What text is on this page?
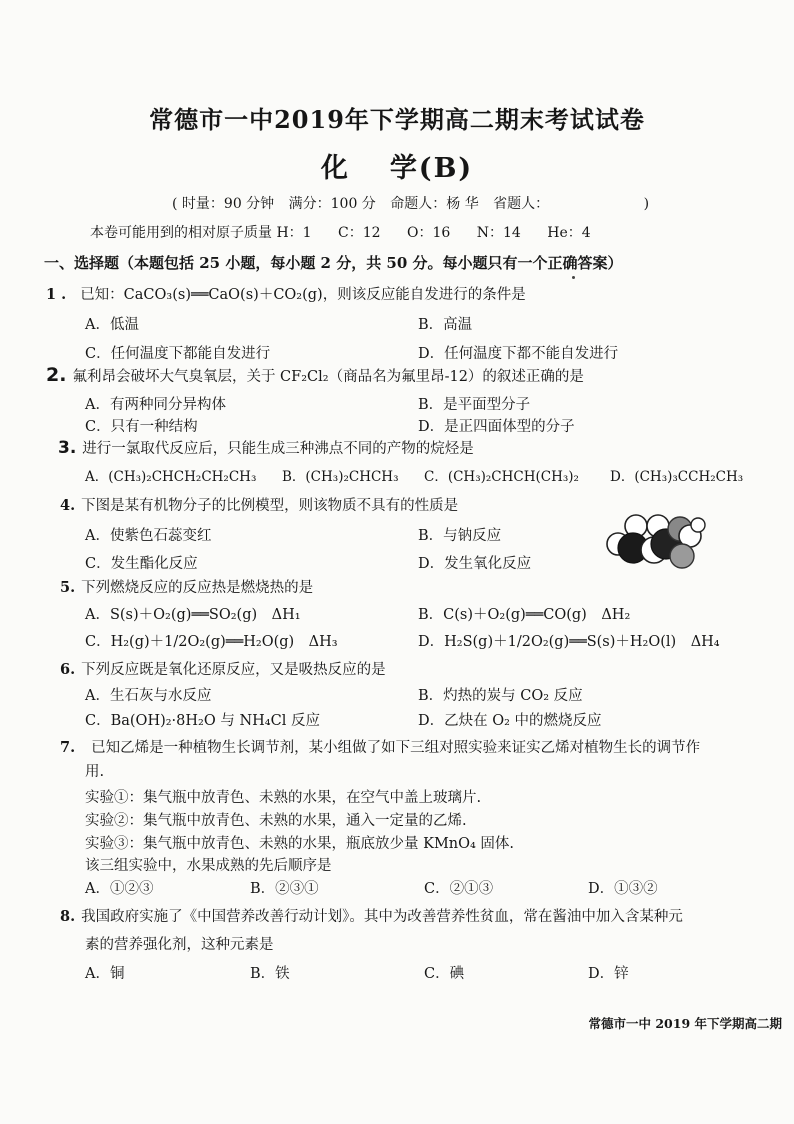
常德市一中2019年下学期高二期末考试试卷
化 学(B)
( 时量：90 分钟 满分：100 分 命题人：杨 华 省题人：	)
本卷可能用到的相对原子质量 H：1 C：12 O：16 N：14 He：4
一、选择题（本题包括 25 小题，每小题 2 分，共 50 分。每小题只有一个正确答案）
1 . 已知：CaCO₃(s)══CaO(s)＋CO₂(g)，则该反应能自发进行的条件是
A．低温	B．高温
C．任何温度下都能自发进行	D．任何温度下都不能自发进行
2. 氟利昂会破坏大气臭氧层，关于 CF₂Cl₂（商品名为氟里昂-12）的叙述正确的是
A．有两种同分异构体	B．是平面型分子
C．只有一种结构	D．是正四面体型的分子
3. 进行一氯取代反应后，只能生成三种沸点不同的产物的烷烃是
A．(CH₃)₂CHCH₂CH₂CH₃ B．(CH₃)₂CHCH₃ C．(CH₃)₂CHCH(CH₃)₂ D．(CH₃)₃CCH₂CH₃
4. 下图是某有机物分子的比例模型，则该物质不具有的性质是
A．使紫色石蕊变红	B．与钠反应
C．发生酯化反应	D．发生氧化反应
5. 下列燃烧反应的反应热是燃烧热的是
A．S(s)＋O₂(g)══SO₂(g)　ΔH₁	B．C(s)＋O₂(g)══CO(g)　ΔH₂
C．H₂(g)＋1/2O₂(g)══H₂O(g)　ΔH₃	D．H₂S(g)＋1/2O₂(g)══S(s)＋H₂O(l)　ΔH₄
6. 下列反应既是氧化还原反应，又是吸热反应的是
A．生石灰与水反应	B．灼热的炭与 CO₂ 反应
C．Ba(OH)₂·8H₂O 与 NH₄Cl 反应	D．乙炔在 O₂ 中的燃烧反应
7. 已知乙烯是一种植物生长调节剂，某小组做了如下三组对照实验来证实乙烯对植物生长的调节作
用.
实验①：集气瓶中放青色、未熟的水果，在空气中盖上玻璃片.
实验②：集气瓶中放青色、未熟的水果，通入一定量的乙烯.
实验③：集气瓶中放青色、未熟的水果，瓶底放少量 KMnO₄ 固体.
该三组实验中，水果成熟的先后顺序是
A．①②③	B．②③①	C．②①③	D．①③②
8. 我国政府实施了《中国营养改善行动计划》。其中为改善营养性贫血，常在酱油中加入含某种元
素的营养强化剂，这种元素是
A．铜	B．铁	C．碘	D．锌
常德市一中 2019 年下学期高二期
